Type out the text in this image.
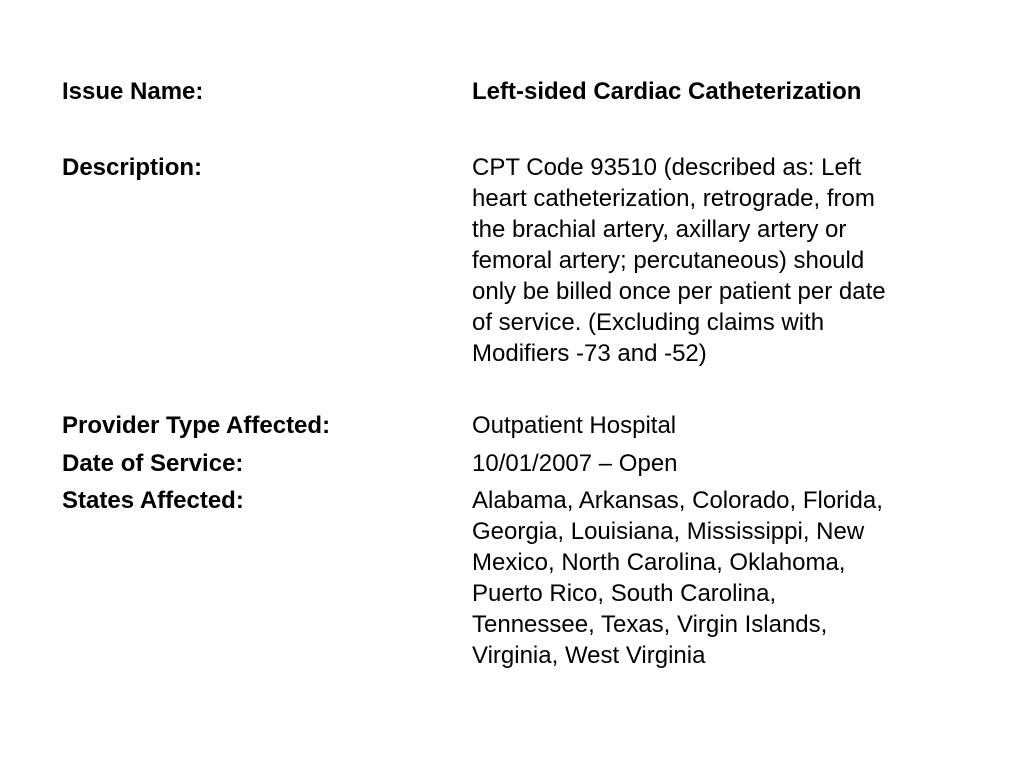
Issue Name:	Left-sided Cardiac Catheterization
Description:	CPT Code 93510 (described as: Left
heart catheterization, retrograde, from
the brachial artery, axillary artery or
femoral artery; percutaneous) should
only be billed once per patient per date
of service. (Excluding claims with
Modifiers -73 and -52)
Provider Type Affected:	Outpatient Hospital
Date of Service:	10/01/2007 – Open
States Affected:	Alabama, Arkansas, Colorado, Florida,
Georgia, Louisiana, Mississippi, New
Mexico, North Carolina, Oklahoma,
Puerto Rico, South Carolina,
Tennessee, Texas, Virgin Islands,
Virginia, West Virginia
